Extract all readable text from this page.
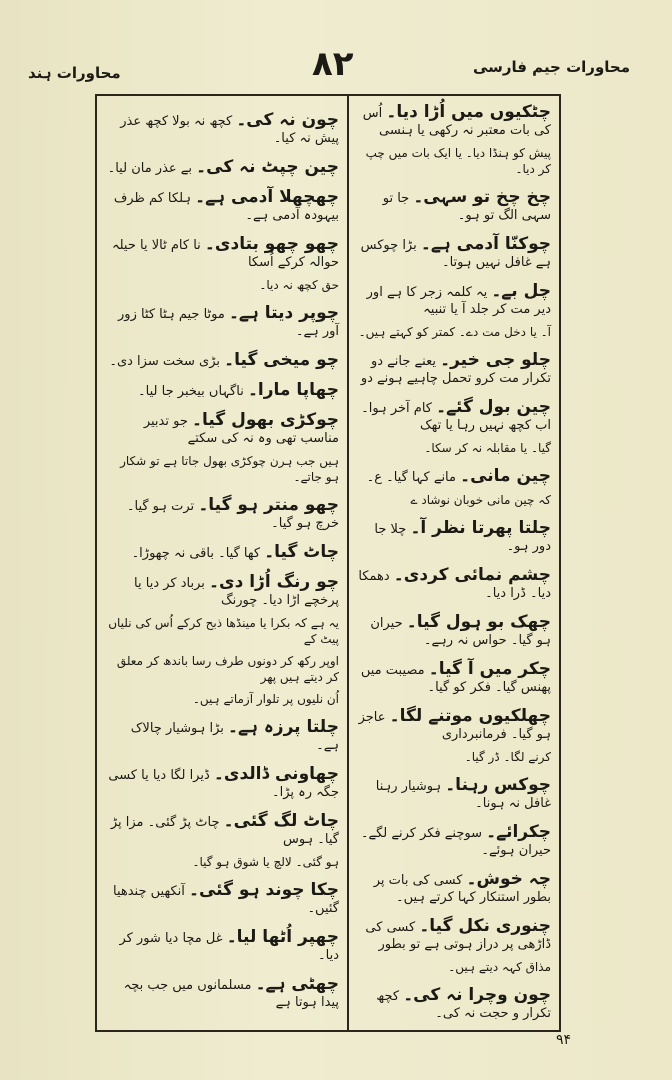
محاورات ہند	۸۲	محاورات جیم فارسی
چٹکیوں میں اُڑا دیا۔ اُس کی بات معتبر نہ رکھی یا ہنسی
پیش کو ہنڈا دیا۔ یا ایک بات میں چپ کر دیا۔
چخ چخ تو سہی۔ جا تو سہی الگ تو ہو۔
چوکنّا آدمی ہے۔ بڑا چوکس ہے غافل نہیں ہوتا۔
چل بے۔ یہ کلمہ زجر کا ہے اور دیر مت کر جلد آ یا تنبیہ
آ۔ یا دخل مت دے۔ کمتر کو کہتے ہیں۔
چلو جی خیر۔ یعنے جانے دو تکرار مت کرو تحمل چاہیے ہونے دو
چین بول گئے۔ کام آخر ہوا۔ اب کچھ نہیں رہا یا تھک
گیا۔ یا مقابلہ نہ کر سکا۔
چین مانی۔ مانے کہا گیا۔ ع۔
کہ چین مانی خوبان نوشاد ے
چلتا پھرتا نظر آ۔ چلا جا دور ہو۔
چشم نمائی کردی۔ دھمکا دیا۔ ڈرا دیا۔
چھک بو ہول گیا۔ حیران ہو گیا۔ حواس نہ رہے۔
چکر میں آ گیا۔ مصیبت میں پھنس گیا۔ فکر کو گیا۔
چھلکیوں موتنے لگا۔ عاجز ہو گیا۔ فرمانبرداری
کرنے لگا۔ ڈر گیا۔
چوکس رہنا۔ ہوشیار رہنا غافل نہ ہونا۔
چکرائے۔ سوچنے فکر کرنے لگے۔ حیران ہوئے۔
چہ خوش۔ کسی کی بات پر بطور استنکار کہا کرتے ہیں۔
چنوری نکل گیا۔ کسی کی ڈاڑھی پر دراز ہوتی ہے تو بطور
مذاق کہہ دیتے ہیں۔
چون وچرا نہ کی۔ کچھ تکرار و حجت نہ کی۔
چون نہ کی۔ کچھ نہ بولا کچھ عذر پیش نہ کیا۔
چین چپٹ نہ کی۔ بے عذر مان لیا۔
چھچھلا آدمی ہے۔ ہلکا کم ظرف بیہودہ آدمی ہے۔
چھو چھو بتادی۔ نا کام ٹالا یا حیلہ حوالہ کرکے اُسکا
حق کچھ نہ دیا۔
چوپر دیتا ہے۔ موٹا جیم ہٹا کٹا زور آور ہے۔
چو میخی گیا۔ بڑی سخت سزا دی۔
چھاپا مارا۔ ناگہاں بیخبر جا لیا۔
چوکڑی بھول گیا۔ جو تدبیر مناسب تھی وہ نہ کی سکتے
ہیں جب ہرن چوکڑی بھول جاتا ہے تو شکار ہو جاتے۔
چھو منتر ہو گیا۔ ترت ہو گیا۔ خرچ ہو گیا۔
چاٹ گیا۔ کھا گیا۔ باقی نہ چھوڑا۔
چو رنگ اُڑا دی۔ برباد کر دیا یا پرخچے اڑا دیا۔ چورنگ
یہ ہے کہ بکرا یا مینڈھا ذبح کرکے اُس کی نلیاں پیٹ کے
اوپر رکھ کر دونوں طرف رسا باندھ کر معلق کر دیتے ہیں پھر
اُن نلیوں پر تلوار آزماتے ہیں۔
چلتا پرزہ ہے۔ بڑا ہوشیار چالاک ہے۔
چھاونی ڈالدی۔ ڈیرا لگا دیا یا کسی جگہ رہ پڑا۔
چاٹ لگ گئی۔ چاٹ پڑ گئی۔ مزا پڑ گیا۔ ہوس
ہو گئی۔ لالچ یا شوق ہو گیا۔
چکا چوند ہو گئی۔ آنکھیں چندھیا گئیں۔
چھپر اُٹھا لیا۔ غل مچا دیا شور کر دیا۔
چھٹی ہے۔ مسلمانوں میں جب بچہ پیدا ہوتا ہے
۹۴
